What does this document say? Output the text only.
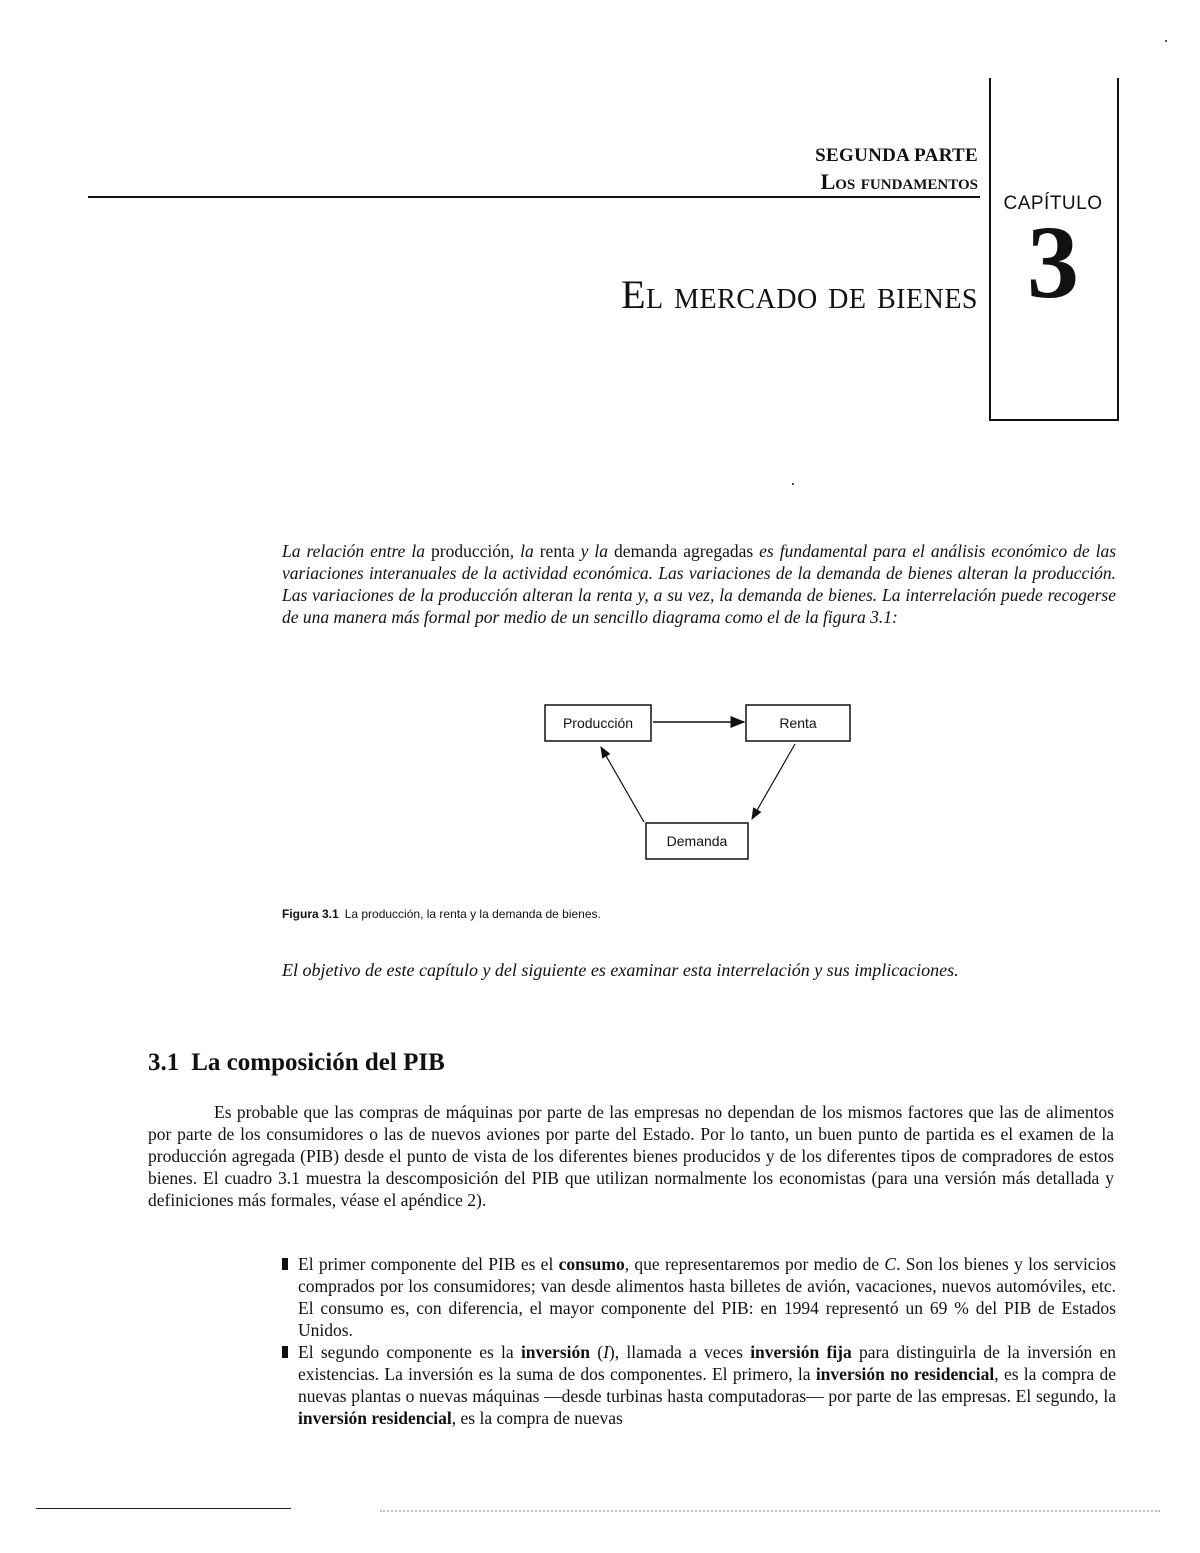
SEGUNDA PARTE
Los fundamentos
CAPÍTULO
3
El mercado de bienes
La relación entre la producción, la renta y la demanda agregadas es fundamental para el análisis económico de las variaciones interanuales de la actividad económica. Las variaciones de la demanda de bienes alteran la producción. Las variaciones de la producción alteran la renta y, a su vez, la demanda de bienes. La interrelación puede recogerse de una manera más formal por medio de un sencillo diagrama como el de la figura 3.1:
Producción	Renta
Demanda
Figura 3.1 La producción, la renta y la demanda de bienes.
El objetivo de este capítulo y del siguiente es examinar esta interrelación y sus implicaciones.
3.1 La composición del PIB
Es probable que las compras de máquinas por parte de las empresas no dependan de los mismos factores que las de alimentos por parte de los consumidores o las de nuevos aviones por parte del Estado. Por lo tanto, un buen punto de partida es el examen de la producción agregada (PIB) desde el punto de vista de los diferentes bienes producidos y de los diferentes tipos de compradores de estos bienes. El cuadro 3.1 muestra la descomposición del PIB que utilizan normalmente los economistas (para una versión más detallada y definiciones más formales, véase el apéndice 2).
El primer componente del PIB es el consumo, que representaremos por medio de C. Son los bienes y los servicios comprados por los consumidores; van desde alimentos hasta billetes de avión, vacaciones, nuevos automóviles, etc. El consumo es, con diferencia, el mayor componente del PIB: en 1994 representó un 69 % del PIB de Estados Unidos.
El segundo componente es la inversión (I), llamada a veces inversión fija para distinguirla de la inversión en existencias. La inversión es la suma de dos componentes. El primero, la inversión no residencial, es la compra de nuevas plantas o nuevas máquinas —desde turbinas hasta computadoras— por parte de las empresas. El segundo, la inversión residencial, es la compra de nuevas
